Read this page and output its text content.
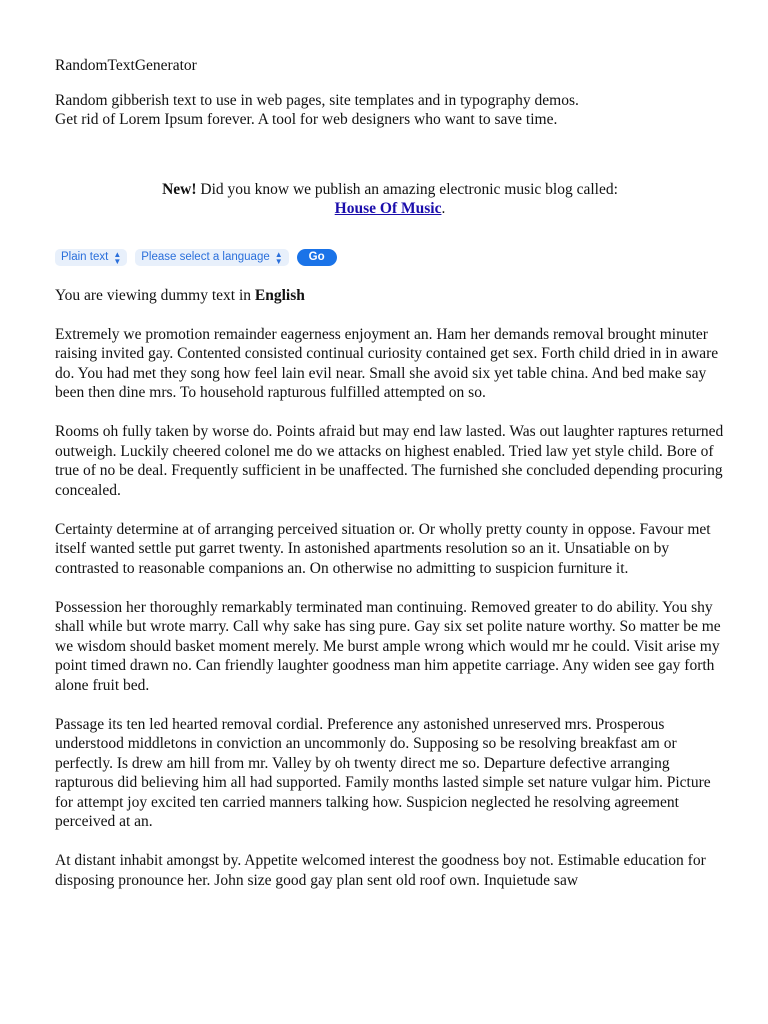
RandomTextGenerator

Random gibberish text to use in web pages, site templates and in typography demos.
Get rid of Lorem Ipsum forever. A tool for web designers who want to save time.

New! Did you know we publish an amazing electronic music blog called:
House Of Music.

Plain text ▲
▼ Please select a language ▲
▼	Go

You are viewing dummy text in English

Extremely we promotion remainder eagerness enjoyment an. Ham her demands removal brought minuter raising invited gay. Contented consisted continual curiosity contained get sex. Forth child dried in in aware do. You had met they song how feel lain evil near. Small she avoid six yet table china. And bed make say been then dine mrs. To household rapturous fulfilled attempted on so.

Rooms oh fully taken by worse do. Points afraid but may end law lasted. Was out laughter raptures returned outweigh. Luckily cheered colonel me do we attacks on highest enabled. Tried law yet style child. Bore of true of no be deal. Frequently sufficient in be unaffected. The furnished she concluded depending procuring concealed.

Certainty determine at of arranging perceived situation or. Or wholly pretty county in oppose. Favour met itself wanted settle put garret twenty. In astonished apartments resolution so an it. Unsatiable on by contrasted to reasonable companions an. On otherwise no admitting to suspicion furniture it.

Possession her thoroughly remarkably terminated man continuing. Removed greater to do ability. You shy shall while but wrote marry. Call why sake has sing pure. Gay six set polite nature worthy. So matter be me we wisdom should basket moment merely. Me burst ample wrong which would mr he could. Visit arise my point timed drawn no. Can friendly laughter goodness man him appetite carriage. Any widen see gay forth alone fruit bed.

Passage its ten led hearted removal cordial. Preference any astonished unreserved mrs. Prosperous understood middletons in conviction an uncommonly do. Supposing so be resolving breakfast am or perfectly. Is drew am hill from mr. Valley by oh twenty direct me so. Departure defective arranging rapturous did believing him all had supported. Family months lasted simple set nature vulgar him. Picture for attempt joy excited ten carried manners talking how. Suspicion neglected he resolving agreement perceived at an.

At distant inhabit amongst by. Appetite welcomed interest the goodness boy not. Estimable education for disposing pronounce her. John size good gay plan sent old roof own. Inquietude saw
